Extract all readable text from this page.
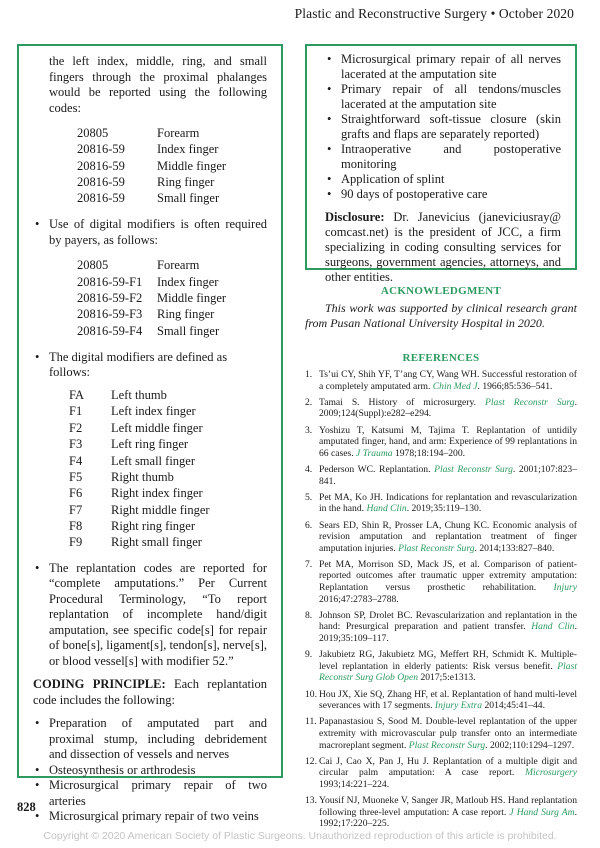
Plastic and Reconstructive Surgery • October 2020

the left index, middle, ring, and small fingers through the proximal phalanges would be reported using the following codes:

20805	Forearm
20816-59	Index finger
20816-59	Middle finger
20816-59	Ring finger
20816-59	Small finger
• Use of digital modifiers is often required by payers, as follows:
20805	Forearm
20816-59-F1	Index finger
20816-59-F2	Middle finger
20816-59-F3	Ring finger
20816-59-F4	Small finger
• The digital modifiers are defined as follows:
FA	Left thumb
F1	Left index finger
F2	Left middle finger
F3	Left ring finger
F4	Left small finger
F5	Right thumb
F6	Right index finger
F7	Right middle finger
F8	Right ring finger
F9	Right small finger
• The replantation codes are reported for “complete amputations.” Per Current Procedural Terminology, “To report replantation of incomplete hand/digit amputation, see specific code[s] for repair of bone[s], ligament[s], tendon[s], nerve[s], or blood vessel[s] with modifier 52.”

CODING PRINCIPLE: Each replantation code includes the following:

• Preparation of amputated part and proximal stump, including debridement and dissection of vessels and nerves
• Osteosynthesis or arthrodesis
• Microsurgical primary repair of two arteries
• Microsurgical primary repair of two veins
• Microsurgical primary repair of all nerves lacerated at the amputation site
• Primary repair of all tendons/muscles lacerated at the amputation site
• Straightforward soft-tissue closure (skin grafts and flaps are separately reported)
• Intraoperative and postoperative monitoring
• Application of splint
• 90 days of postoperative care

Disclosure: Dr. Janevicius (janeviciusray@ comcast.net) is the president of JCC, a firm specializing in coding consulting services for surgeons, government agencies, attorneys, and other entities.

ACKNOWLEDGMENT

This work was supported by clinical research grant from Pusan National University Hospital in 2020.

REFERENCES
1. Ts’ui CY, Shih YF, T’ang CY, Wang WH. Successful restoration of a completely amputated arm. Chin Med J. 1966;85:536–541.
2. Tamai S. History of microsurgery. Plast Reconstr Surg. 2009;124(Suppl):e282–e294.
3. Yoshizu T, Katsumi M, Tajima T. Replantation of untidily amputated finger, hand, and arm: Experience of 99 replantations in 66 cases. J Trauma 1978;18:194–200.
4. Pederson WC. Replantation. Plast Reconstr Surg. 2001;107:823–841.
5. Pet MA, Ko JH. Indications for replantation and revascularization in the hand. Hand Clin. 2019;35:119–130.
6. Sears ED, Shin R, Prosser LA, Chung KC. Economic analysis of revision amputation and replantation treatment of finger amputation injuries. Plast Reconstr Surg. 2014;133:827–840.
7. Pet MA, Morrison SD, Mack JS, et al. Comparison of patient-reported outcomes after traumatic upper extremity amputation: Replantation versus prosthetic rehabilitation. Injury 2016;47:2783–2788.
8. Johnson SP, Drolet BC. Revascularization and replantation in the hand: Presurgical preparation and patient transfer. Hand Clin. 2019;35:109–117.
9. Jakubietz RG, Jakubietz MG, Meffert RH, Schmidt K. Multiple-level replantation in elderly patients: Risk versus benefit. Plast Reconstr Surg Glob Open 2017;5:e1313.
10. Hou JX, Xie SQ, Zhang HF, et al. Replantation of hand multi-level severances with 17 segments. Injury Extra 2014;45:41–44.
11. Papanastasiou S, Sood M. Double-level replantation of the upper extremity with microvascular pulp transfer onto an intermediate macroreplant segment. Plast Reconstr Surg. 2002;110:1294–1297.
12. Cai J, Cao X, Pan J, Hu J. Replantation of a multiple digit and circular palm amputation: A case report. Microsurgery 1993;14:221–224.
13. Yousif NJ, Muoneke V, Sanger JR, Matloub HS. Hand replantation following three-level amputation: A case report. J Hand Surg Am. 1992;17:220–225.
828
Copyright © 2020 American Society of Plastic Surgeons. Unauthorized reproduction of this article is prohibited.
